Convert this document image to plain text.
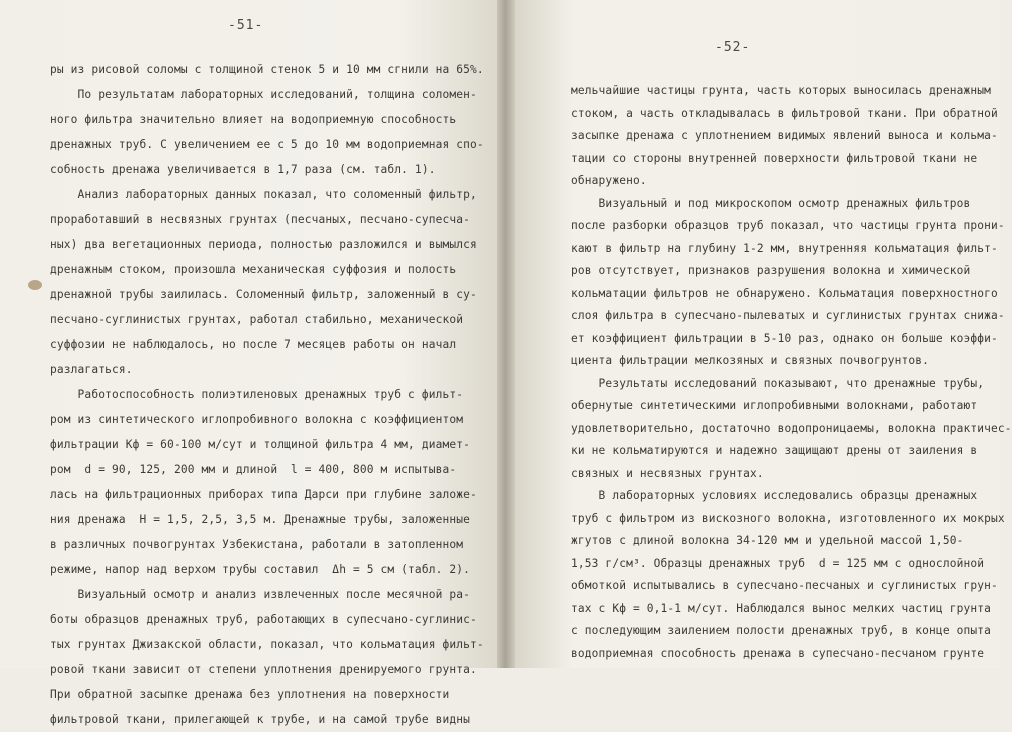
-51-
ры из рисовой соломы с толщиной стенок 5 и 10 мм сгнили на 65%.
По результатам лабораторных исследований, толщина соломен-
ного фильтра значительно влияет на водоприемную способность
дренажных труб. С увеличением ее с 5 до 10 мм водоприемная спо-
собность дренажа увеличивается в 1,7 раза (см. табл. 1).
Анализ лабораторных данных показал, что соломенный фильтр,
проработавший в несвязных грунтах (песчаных, песчано-супесча-
ных) два вегетационных периода, полностью разложился и вымылся
дренажным стоком, произошла механическая суффозия и полость
дренажной трубы заилилась. Соломенный фильтр, заложенный в су-
песчано-суглинистых грунтах, работал стабильно, механической
суффозии не наблюдалось, но после 7 месяцев работы он начал
разлагаться.
Работоспособность полиэтиленовых дренажных труб с фильт-
ром из синтетического иглопробивного волокна с коэффициентом
фильтрации Кф = 60-100 м/сут и толщиной фильтра 4 мм, диамет-
ром  d = 90, 125, 200 мм и длиной  l = 400, 800 м испытыва-
лась на фильтрационных приборах типа Дарси при глубине заложе-
ния дренажа  Н = 1,5, 2,5, 3,5 м. Дренажные трубы, заложенные
в различных почвогрунтах Узбекистана, работали в затопленном
режиме, напор над верхом трубы составил  Δh = 5 см (табл. 2).
Визуальный осмотр и анализ извлеченных после месячной ра-
боты образцов дренажных труб, работающих в супесчано-суглинис-
тых грунтах Джизакской области, показал, что кольматация фильт-
ровой ткани зависит от степени уплотнения дренируемого грунта.
При обратной засыпке дренажа без уплотнения на поверхности
фильтровой ткани, прилегающей к трубе, и на самой трубе видны
-52-
мельчайшие частицы грунта, часть которых выносилась дренажным
стоком, а часть откладывалась в фильтровой ткани. При обратной
засыпке дренажа с уплотнением видимых явлений выноса и кольма-
тации со стороны внутренней поверхности фильтровой ткани не
обнаружено.
Визуальный и под микроскопом осмотр дренажных фильтров
после разборки образцов труб показал, что частицы грунта прони-
кают в фильтр на глубину 1-2 мм, внутренняя кольматация фильт-
ров отсутствует, признаков разрушения волокна и химической
кольматации фильтров не обнаружено. Кольматация поверхностного
слоя фильтра в супесчано-пылеватых и суглинистых грунтах снижа-
ет коэффициент фильтрации в 5-10 раз, однако он больше коэффи-
циента фильтрации мелкозяных и связных почвогрунтов.
Результаты исследований показывают, что дренажные трубы,
обернутые синтетическими иглопробивными волокнами, работают
удовлетворительно, достаточно водопроницаемы, волокна практичес-
ки не кольматируются и надежно защищают дрены от заиления в
связных и несвязных грунтах.
В лабораторных условиях исследовались образцы дренажных
труб с фильтром из вискозного волокна, изготовленного их мокрых
жгутов с длиной волокна 34-120 мм и удельной массой 1,50-
1,53 г/см³. Образцы дренажных труб  d = 125 мм с однослойной
обмоткой испытывались в супесчано-песчаных и суглинистых грун-
тах с Кф = 0,1-1 м/сут. Наблюдался вынос мелких частиц грунта
с последующим заилением полости дренажных труб, в конце опыта
водоприемная способность дренажа в супесчано-песчаном грунте
